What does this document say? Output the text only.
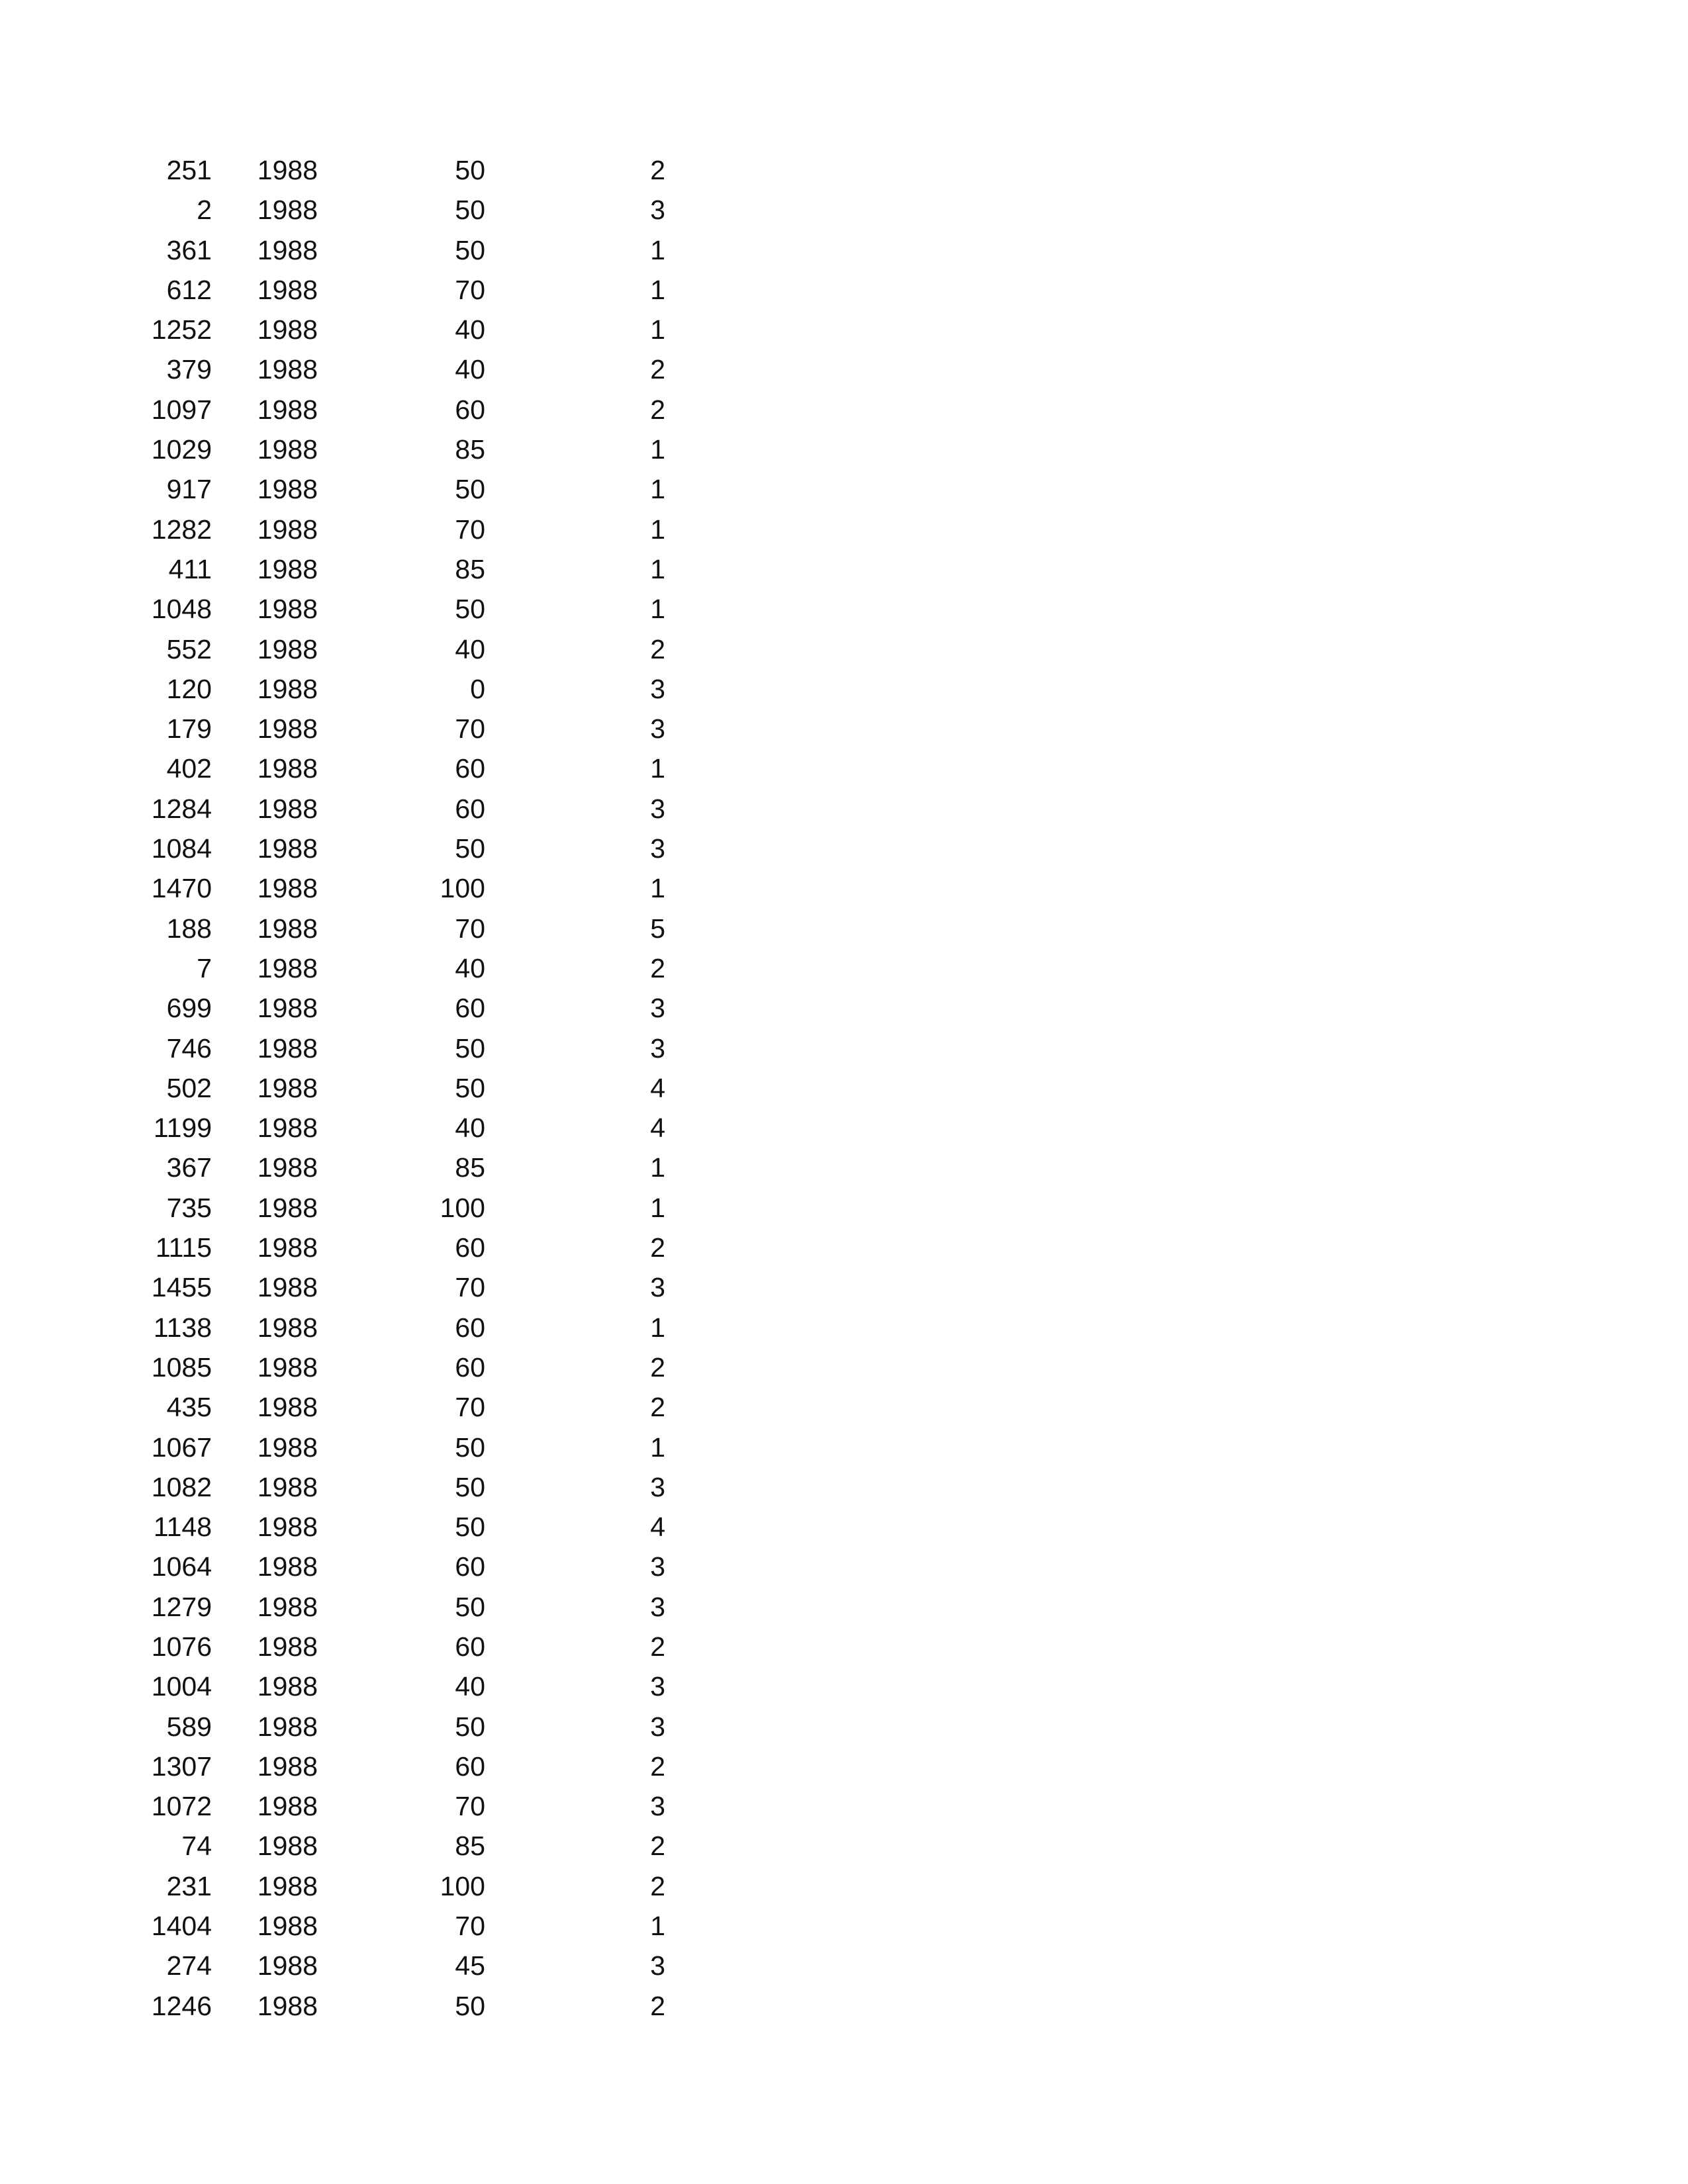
251	1988	50	2
2	1988	50	3
361	1988	50	1
612	1988	70	1
1252	1988	40	1
379	1988	40	2
1097	1988	60	2
1029	1988	85	1
917	1988	50	1
1282	1988	70	1
411	1988	85	1
1048	1988	50	1
552	1988	40	2
120	1988	0	3
179	1988	70	3
402	1988	60	1
1284	1988	60	3
1084	1988	50	3
1470	1988	100	1
188	1988	70	5
7	1988	40	2
699	1988	60	3
746	1988	50	3
502	1988	50	4
1199	1988	40	4
367	1988	85	1
735	1988	100	1
1115	1988	60	2
1455	1988	70	3
1138	1988	60	1
1085	1988	60	2
435	1988	70	2
1067	1988	50	1
1082	1988	50	3
1148	1988	50	4
1064	1988	60	3
1279	1988	50	3
1076	1988	60	2
1004	1988	40	3
589	1988	50	3
1307	1988	60	2
1072	1988	70	3
74	1988	85	2
231	1988	100	2
1404	1988	70	1
274	1988	45	3
1246	1988	50	2
